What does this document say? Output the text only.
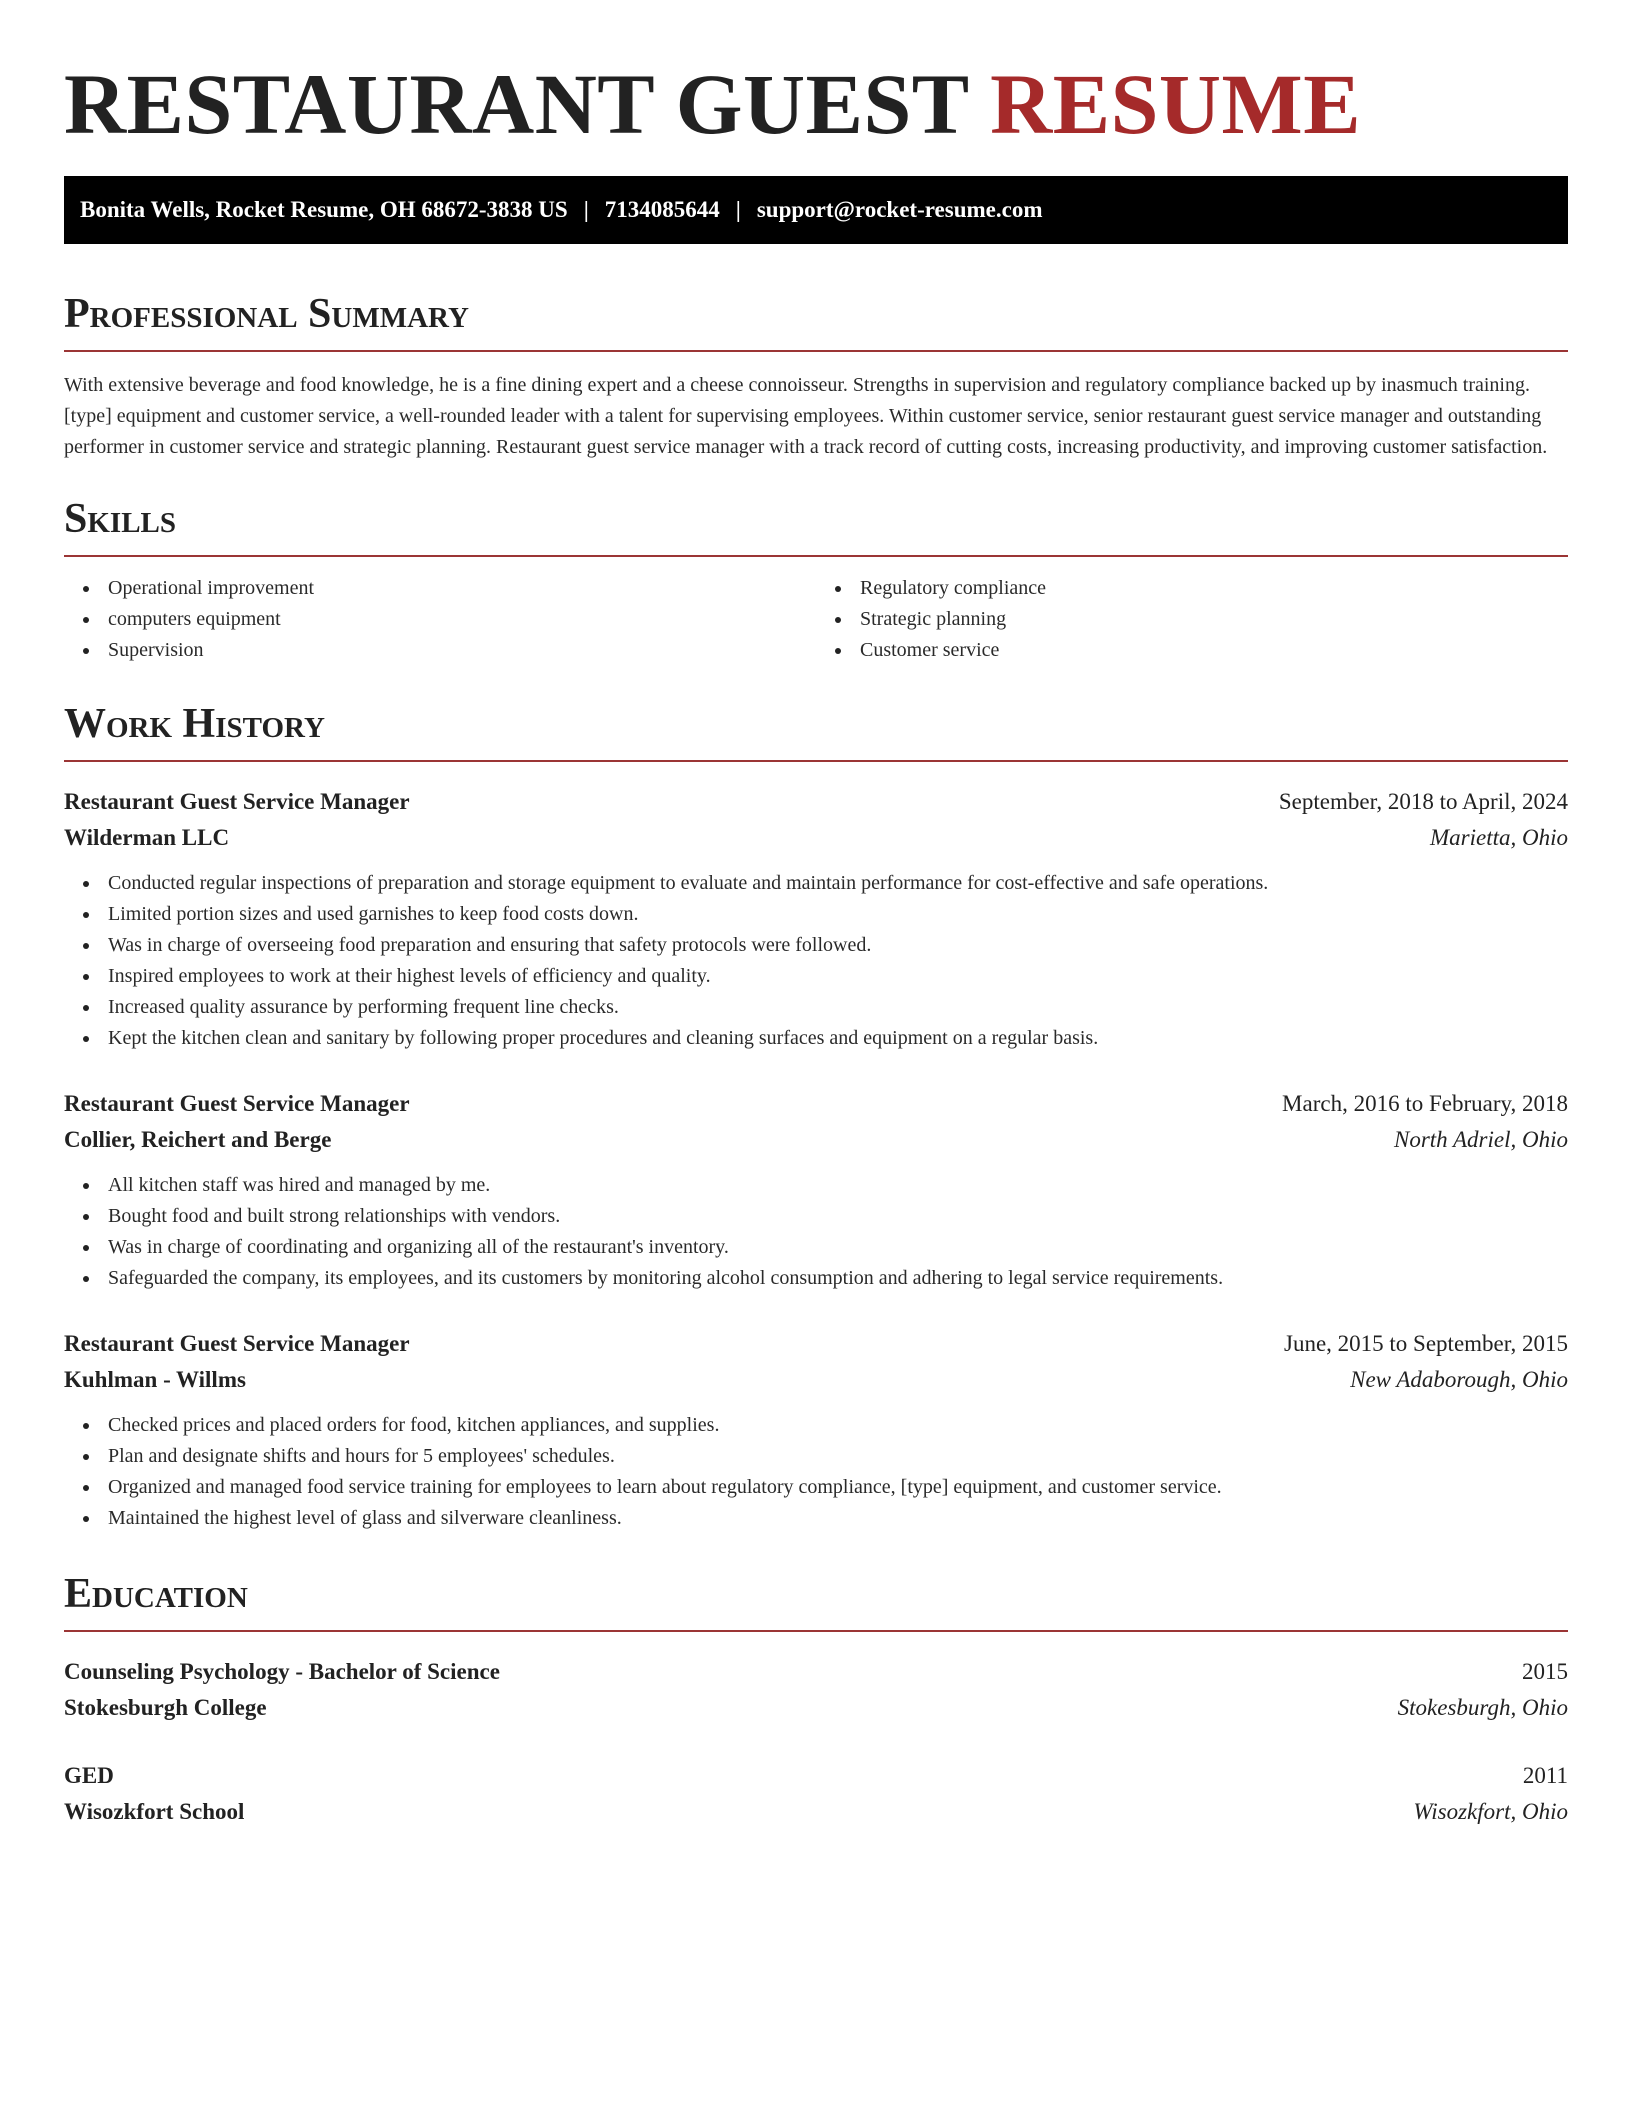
RESTAURANT GUEST RESUME
Bonita Wells, Rocket Resume, OH 68672-3838 US | 7134085644 | support@rocket-resume.com
Professional Summary

With extensive beverage and food knowledge, he is a fine dining expert and a cheese connoisseur. Strengths in supervision and regulatory compliance backed up by inasmuch training. [type] equipment and customer service, a well-rounded leader with a talent for supervising employees. Within customer service, senior restaurant guest service manager and outstanding performer in customer service and strategic planning. Restaurant guest service manager with a track record of cutting costs, increasing productivity, and improving customer satisfaction.

Skills
Operational improvement
computers equipment
Supervision
Regulatory compliance
Strategic planning
Customer service
Work History
Restaurant Guest Service Manager	September, 2018 to April, 2024
Wilderman LLC	Marietta, Ohio
Conducted regular inspections of preparation and storage equipment to evaluate and maintain performance for cost-effective and safe operations.
Limited portion sizes and used garnishes to keep food costs down.
Was in charge of overseeing food preparation and ensuring that safety protocols were followed.
Inspired employees to work at their highest levels of efficiency and quality.
Increased quality assurance by performing frequent line checks.
Kept the kitchen clean and sanitary by following proper procedures and cleaning surfaces and equipment on a regular basis.
Restaurant Guest Service Manager	March, 2016 to February, 2018
Collier, Reichert and Berge	North Adriel, Ohio
All kitchen staff was hired and managed by me.
Bought food and built strong relationships with vendors.
Was in charge of coordinating and organizing all of the restaurant's inventory.
Safeguarded the company, its employees, and its customers by monitoring alcohol consumption and adhering to legal service requirements.
Restaurant Guest Service Manager	June, 2015 to September, 2015
Kuhlman - Willms	New Adaborough, Ohio
Checked prices and placed orders for food, kitchen appliances, and supplies.
Plan and designate shifts and hours for 5 employees' schedules.
Organized and managed food service training for employees to learn about regulatory compliance, [type] equipment, and customer service.
Maintained the highest level of glass and silverware cleanliness.
Education
Counseling Psychology - Bachelor of Science	2015
Stokesburgh College	Stokesburgh, Ohio
GED	2011
Wisozkfort School	Wisozkfort, Ohio
